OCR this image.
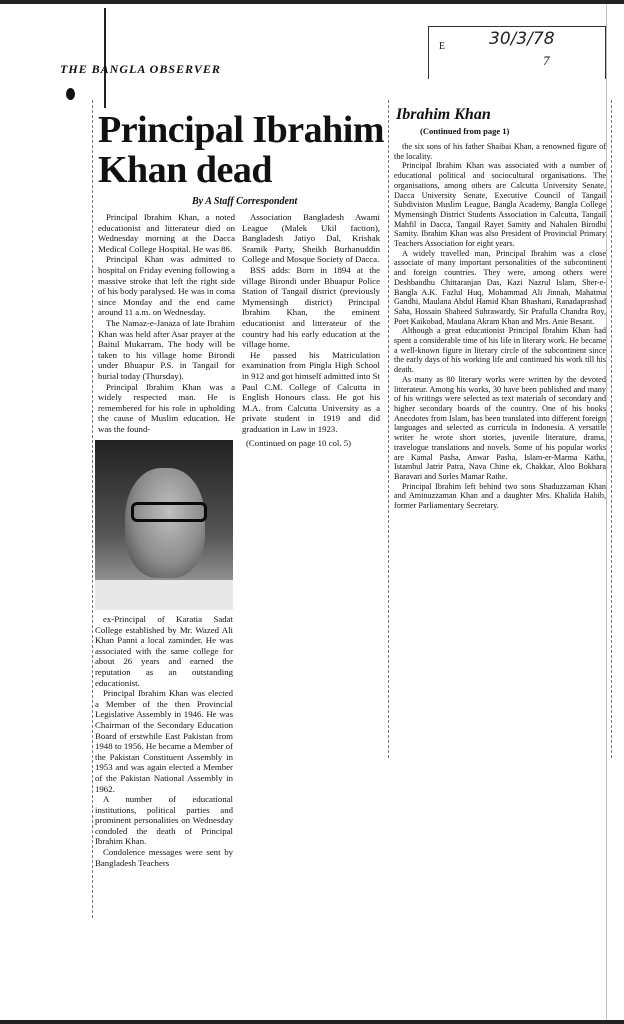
THE BANGLA OBSERVER
E	30/3/78
7
Principal Ibrahim
Khan dead
By A Staff Correspondent

Principal Ibrahim Khan, a noted educationist and litterateur died on Wednesday morning at the Dacca Medical College Hospital. He was 86.

Principal Khan was admitted to hospital on Friday evening following a massive stroke that left the right side of his body paralysed. He was in coma since Monday and the end came around 11 a.m. on Wednesday.

The Namaz-e-Janaza of late Ibrahim Khan was held after Asar prayer at the Baitul Mukarram. The body will be taken to his village home Birondi under Bhuapur P.S. in Tangail for burial today (Thursday).

Principal Ibrahim Khan was a widely respected man. He is remembered for his role in upholding the cause of Muslim education. He was the found-

Association Bangladesh Awami League (Malek Ukil faction), Bangladesh Jatiyo Dal, Krishak Sramik Party, Sheikh Burhanuddin College and Mosque Society of Dacca.

BSS adds: Born in 1894 at the village Birondi under Bhuapur Police Station of Tangail district (previously Mymensingh district) Principal Ibrahim Khan, the eminent educationist and litterateur of the country had his early education at the village home.

He passed his Matriculation examination from Pingla High School in 912 and got himself admitted into St Paul C.M. College of Calcutta in English Honours class. He got his M.A. from Calcutta University as a private student in 1919 and did graduation in Law in 1923.

(Continued on page 10 col. 5)

ex-Principal of Karatia Sadat College established by Mr. Wazed Ali Khan Panni a local zaminder. He was associated with the same college for about 26 years and earned the reputation as an outstanding educationist.

Principal Ibrahim Khan was elected a Member of the then Provincial Legislative Assembly in 1946. He was Chairman of the Secondary Education Board of erstwhile East Pakistan from 1948 to 1956. He became a Member of the Pakistan Constituent Assembly in 1953 and was again elected a Member of the Pakistan National Assembly in 1962.

A number of educational institutions, political parties and prominent personalities on Wednesday condoled the death of Principal Ibrahim Khan.

Condolence messages were sent by Bangladesh Teachers

Ibrahim Khan
(Continued from page 1)

the six sons of his father Shaibai Khan, a renowned figure of the locality.

Principal Ibrahim Khan was associated with a number of educational political and sociocultural organisations. The organisations, among others are Calcutta University Senate, Dacca University Senate, Executive Council of Tangail Subdivision Muslim League, Bangla Academy, Bangla College Mymensingh District Students Association in Calcutta, Tangail Mahfil in Dacca, Tangail Rayet Samity and Nahalen Birodhi Samity. Ibrahim Khan was also President of Provincial Primary Teachers Association for eight years.

A widely travelled man, Principal Ibrahim was a close associate of many important personalities of the subcontinent and foreign countries. They were, among others were Deshbandhu Chittaranjan Das, Kazi Nazrul Islam, Sher-e-Bangla A.K. Fazlul Huq, Mohammad Ali Jinnah, Mahatma Gandhi, Maulana Abdul Hamid Khan Bhashani, Ranadaprashad Saha, Hossain Shaheed Suhrawardy, Sir Prafulla Chandra Roy, Poet Kaikobad, Maulana Akram Khan and Mrs. Anie Besant.

Although a great educationist Principal Ibrahim Khan had spent a considerable time of his life in literary work. He became a well-known figure in literary circle of the subcontinent since the early days of his working life and continued his work till his death.

As many as 80 literary works were written by the devoted litterateur. Among his works, 30 have been published and many of his writings were selected as text materials of secondary and higher secondary boards of the country. One of his books Anecdotes from Islam, has been translated into different foreign languages and selected as curricula in Indonesia. A versatile writer he wrote short stories, juvenile literature, drama, travelogue translations and novels. Some of his popular works are Kamal Pasha, Anwar Pasha, Islam-er-Marma Katha, Istambul Jatrir Patra, Nava Chine ek, Chakkar, Aloo Bokhara Baravari and Surles Mamar Rathe.

Principal Ibrahim left behind two sons Shaduzzaman Khan and Aminuzzaman Khan and a daughter Mrs. Khalida Habib, former Parliamentary Secretary.
